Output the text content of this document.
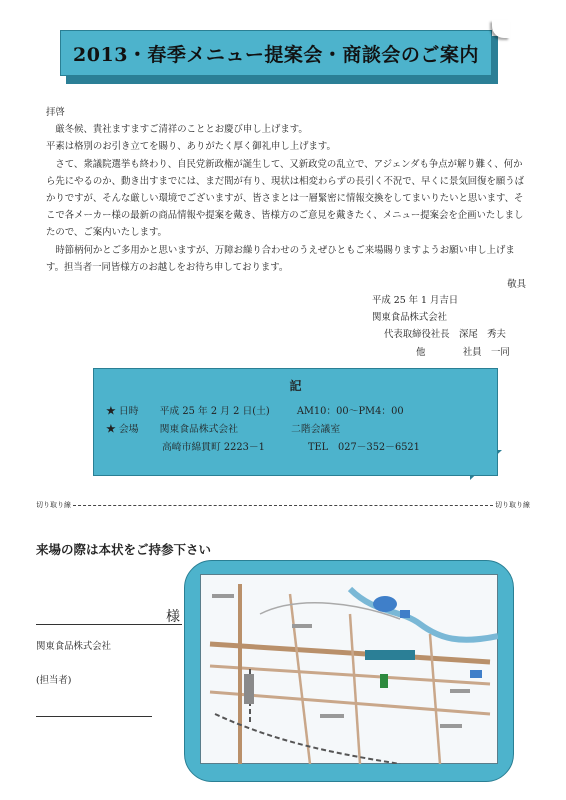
2013・春季メニュー提案会・商談会のご案内

拝啓

　厳冬候、貴社ますますご清祥のこととお慶び申し上げます。

平素は格別のお引き立てを賜り、ありがたく厚く御礼申し上げます。

　さて、衆議院選挙も終わり、自民党新政権が誕生して、又新政党の乱立で、アジェンダも争点が解り難く、何から先にやるのか、動き出すまでには、まだ間が有り、現状は相変わらずの長引く不況で、早くに景気回復を願うばかりですが、そんな厳しい環境でございますが、皆さまとは一層緊密に情報交換をしてまいりたいと思います、そこで各メーカー様の最新の商品情報や提案を戴き、皆様方のご意見を戴きたく、メニュー提案会を企画いたしましたので、ご案内いたします。

　時節柄何かとご多用かと思いますが、万障お繰り合わせのうえぜひともご来場賜りますようお願い申し上げます。担当者一同皆様方のお越しをお待ち申しております。

敬具

平成 25 年 1 月吉日
関東食品株式会社
代表取締役社長　深尾　秀夫
他　　　　社員　一同
記
★ 日時 平成 25 年 2 月 2 日(土)	AM10：00～PM4：00
★ 会場 関東食品株式会社	二階会議室
高崎市綿貫町 2223－1	TEL　027－352－6521
切り取り線	切り取り線
来場の際は本状をご持参下さい
様
関東食品株式会社
(担当者)
